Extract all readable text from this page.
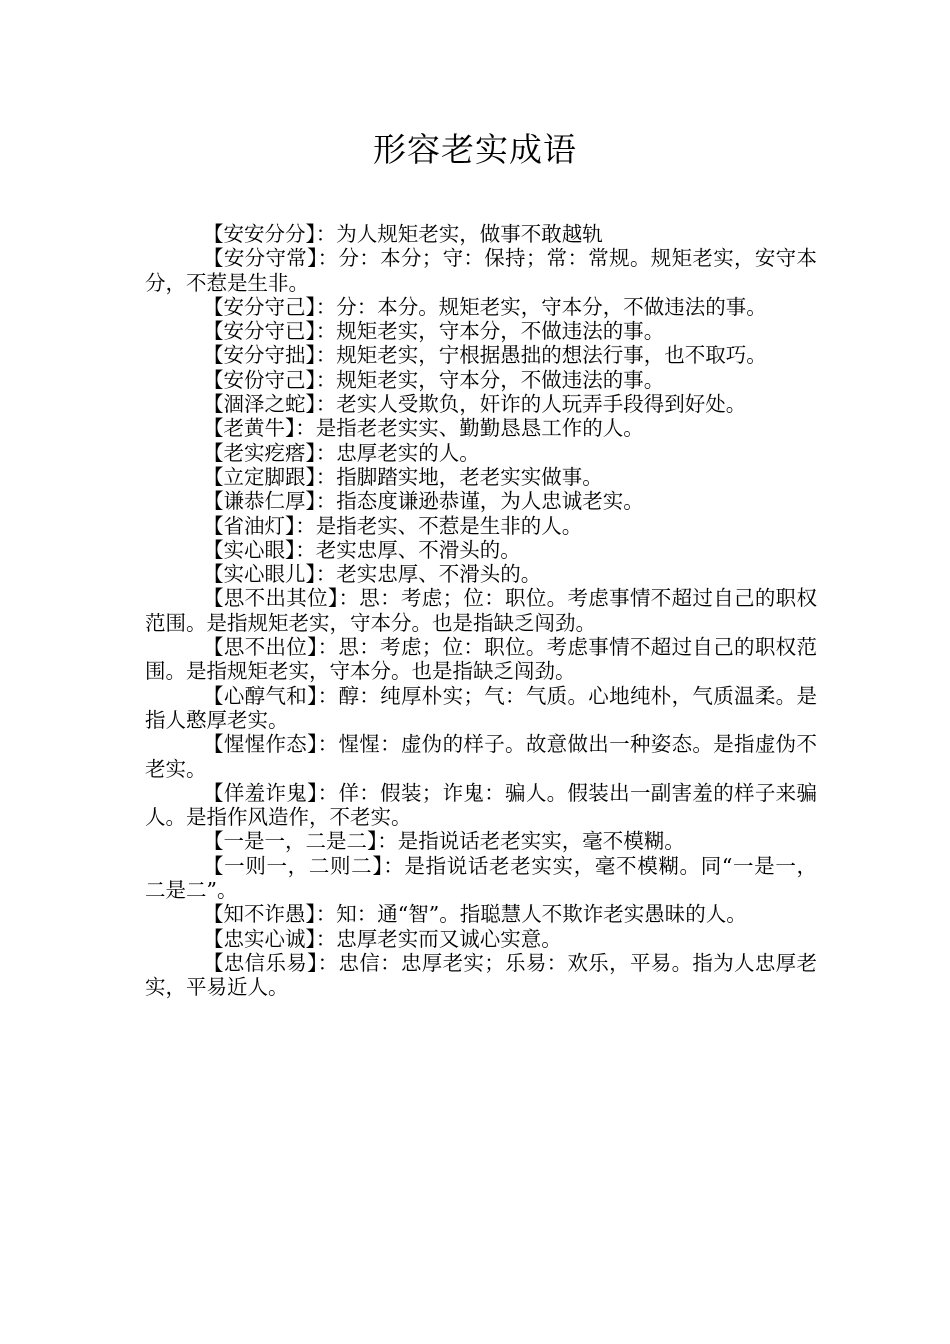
形容老实成语

【安安分分】：为人规矩老实，做事不敢越轨

【安分守常】：分：本分；守：保持；常：常规。规矩老实，安守本分，不惹是生非。

【安分守己】：分：本分。规矩老实，守本分，不做违法的事。

【安分守已】：规矩老实，守本分，不做违法的事。

【安分守拙】：规矩老实，宁根据愚拙的想法行事，也不取巧。

【安份守己】：规矩老实，守本分，不做违法的事。

【涸泽之蛇】：老实人受欺负，奸诈的人玩弄手段得到好处。

【老黄牛】：是指老老实实、勤勤恳恳工作的人。

【老实疙瘩】：忠厚老实的人。

【立定脚跟】：指脚踏实地，老老实实做事。

【谦恭仁厚】：指态度谦逊恭谨，为人忠诚老实。

【省油灯】：是指老实、不惹是生非的人。

【实心眼】：老实忠厚、不滑头的。

【实心眼儿】：老实忠厚、不滑头的。

【思不出其位】：思：考虑；位：职位。考虑事情不超过自己的职权范围。是指规矩老实，守本分。也是指缺乏闯劲。

【思不出位】：思：考虑；位：职位。考虑事情不超过自己的职权范围。是指规矩老实，守本分。也是指缺乏闯劲。

【心醇气和】：醇：纯厚朴实；气：气质。心地纯朴，气质温柔。是指人憨厚老实。

【惺惺作态】：惺惺：虚伪的样子。故意做出一种姿态。是指虚伪不老实。

【佯羞诈鬼】：佯：假装；诈鬼：骗人。假装出一副害羞的样子来骗人。是指作风造作，不老实。

【一是一，二是二】：是指说话老老实实，毫不模糊。

【一则一，二则二】：是指说话老老实实，毫不模糊。同“一是一，二是二”。

【知不诈愚】：知：通“智”。指聪慧人不欺诈老实愚昧的人。

【忠实心诚】：忠厚老实而又诚心实意。

【忠信乐易】：忠信：忠厚老实；乐易：欢乐，平易。指为人忠厚老实，平易近人。
